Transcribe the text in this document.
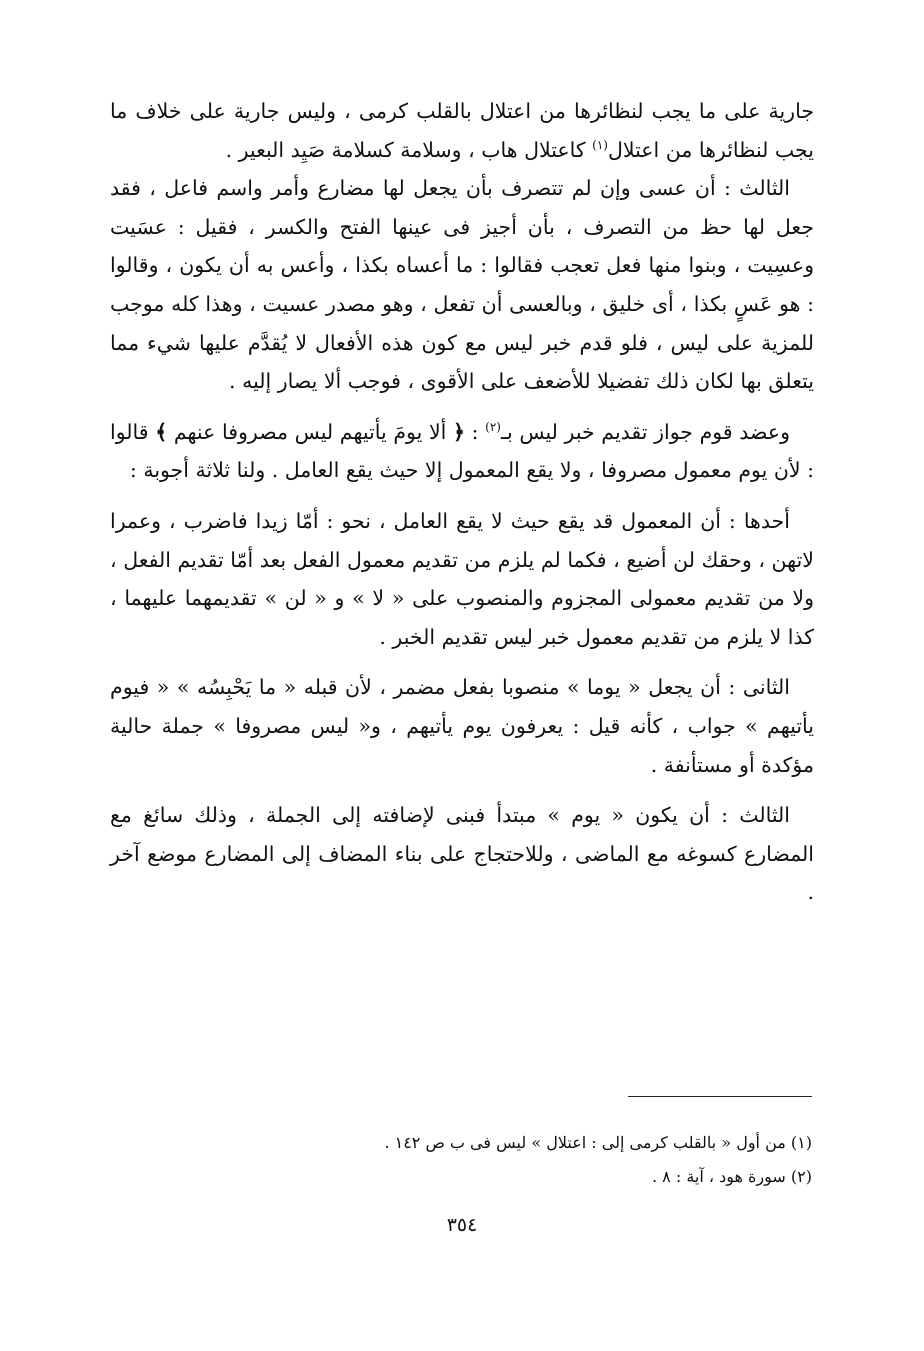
جارية على ما يجب لنظائرها من اعتلال بالقلب كرمى ، وليس جارية على خلاف ما يجب لنظائرها من اعتلال$^{(١)}$ كاعتلال هاب ، وسلامة كسلامة صَيِد البعير .

الثالث : أن عسى وإن لم تتصرف بأن يجعل لها مضارع وأمر واسم فاعل ، فقد جعل لها حظ من التصرف ، بأن أجيز فى عينها الفتح والكسر ، فقيل : عسَيت وعسِيت ، وبنوا منها فعل تعجب فقالوا : ما أعساه بكذا ، وأعس به أن يكون ، وقالوا : هو عَسٍ بكذا ، أى خليق ، وبالعسى أن تفعل ، وهو مصدر عسيت ، وهذا كله موجب للمزية على ليس ، فلو قدم خبر ليس مع كون هذه الأفعال لا يُقدَّم عليها شيء مما يتعلق بها لكان ذلك تفضيلا للأضعف على الأقوى ، فوجب ألا يصار إليه .

وعضد قوم جواز تقديم خبر ليس بـ$^{(٢)}$ : ﴿ ألا يومَ يأتيهم ليس مصروفا عنهم ﴾ قالوا : لأن يوم معمول مصروفا ، ولا يقع المعمول إلا حيث يقع العامل . ولنا ثلاثة أجوبة :

أحدها : أن المعمول قد يقع حيث لا يقع العامل ، نحو : أمّا زيدا فاضرب ، وعمرا لاتهن ، وحقك لن أضيع ، فكما لم يلزم من تقديم معمول الفعل بعد أمّا تقديم الفعل ، ولا من تقديم معمولى المجزوم والمنصوب على « لا » و « لن » تقديمهما عليهما ، كذا لا يلزم من تقديم معمول خبر ليس تقديم الخبر .

الثانى : أن يجعل « يوما » منصوبا بفعل مضمر ، لأن قبله « ما يَحْبِسُه » « فيوم يأتيهم » جواب ، كأنه قيل : يعرفون يوم يأتيهم ، و« ليس مصروفا » جملة حالية مؤكدة أو مستأنفة .

الثالث : أن يكون « يوم » مبتدأ فبنى لإضافته إلى الجملة ، وذلك سائغ مع المضارع كسوغه مع الماضى ، وللاحتجاج على بناء المضاف إلى المضارع موضع آخر .

(١) من أول « بالقلب كرمى إلى : اعتلال » ليس فى ب ص ١٤٢ .

(٢) سورة هود ، آية : ٨ .

٣٥٤
